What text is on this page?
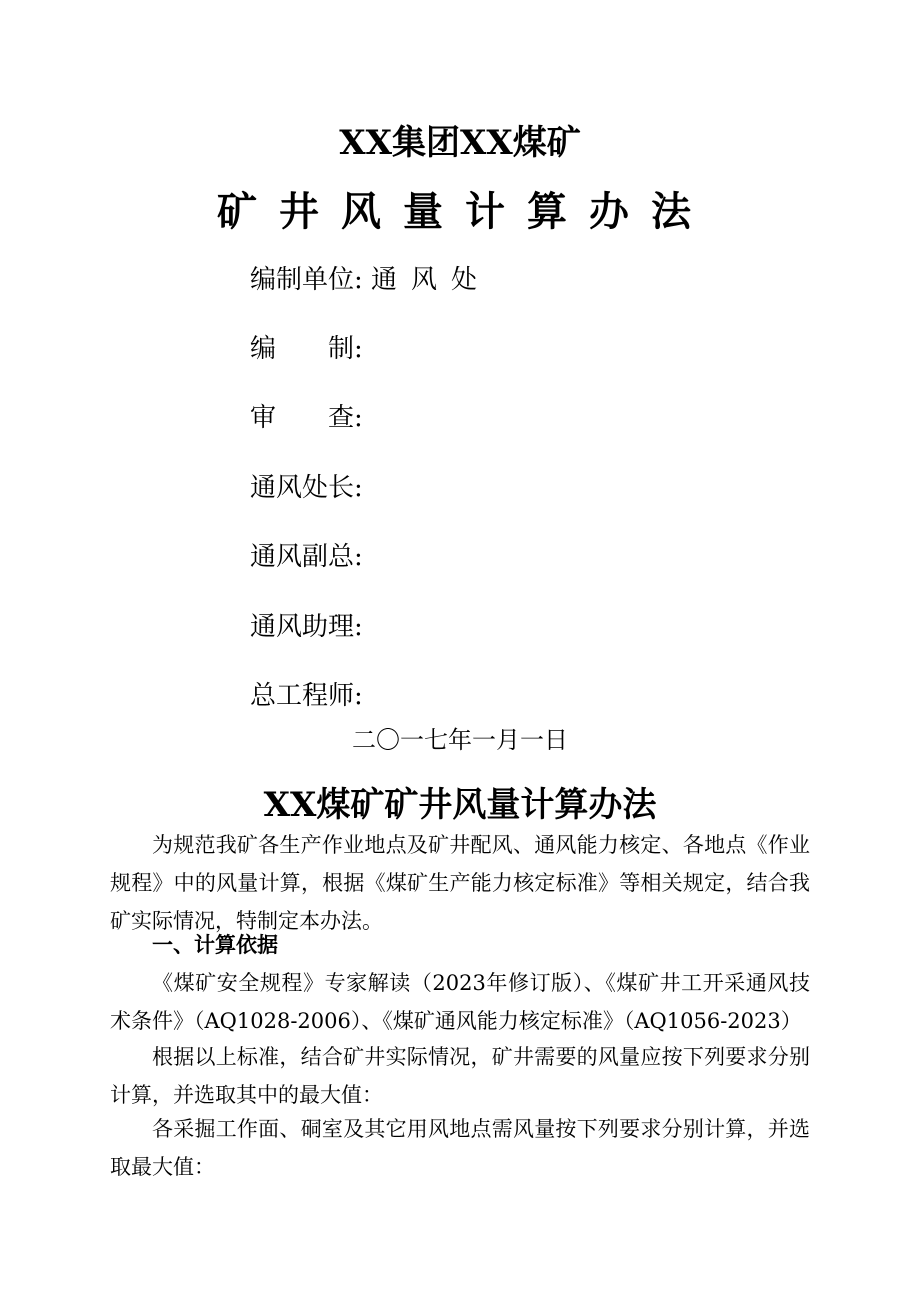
XX集团XX煤矿
矿井风量计算办法
编制单位: 通风处
编　　制:
审　　查:
通风处长:
通风副总:
通风助理:
总工程师:
二〇一七年一月一日
XX煤矿矿井风量计算办法
为规范我矿各生产作业地点及矿井配风、通风能力核定、各地点《作业规程》中的风量计算，根据《煤矿生产能力核定标准》等相关规定，结合我矿实际情况，特制定本办法。
一、计算依据
《煤矿安全规程》专家解读（2023年修订版）、《煤矿井工开采通风技术条件》（AQ1028-2006）、《煤矿通风能力核定标准》（AQ1056-2023）
根据以上标准，结合矿井实际情况，矿井需要的风量应按下列要求分别计算，并选取其中的最大值：
各采掘工作面、硐室及其它用风地点需风量按下列要求分别计算，并选取最大值：
